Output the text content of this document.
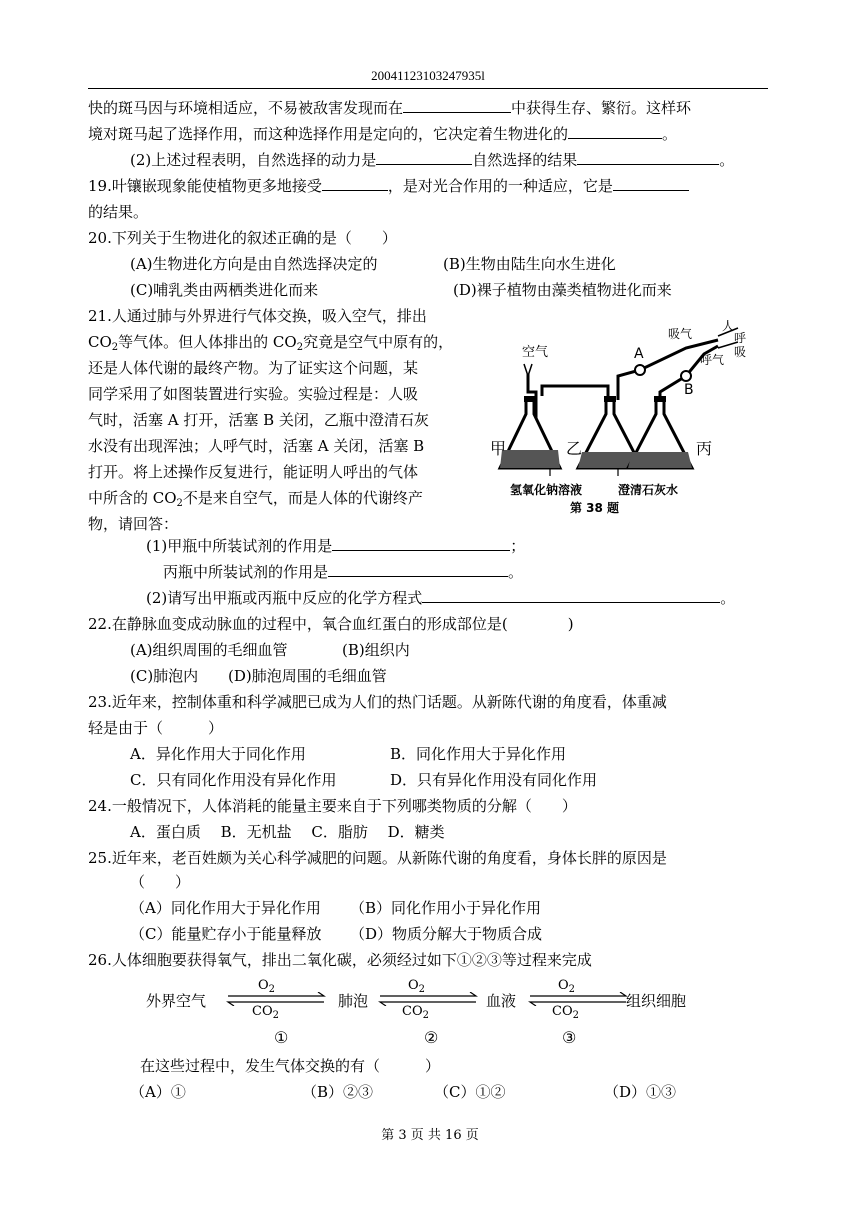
20041123103247935l
快的斑马因与环境相适应，不易被敌害发现而在	中获得生存、繁衍。这样环
境对斑马起了选择作用，而这种选择作用是定向的，它决定着生物进化的	。
(2)上述过程表明，自然选择的动力是	自然选择的结果	。
19.叶镶嵌现象能使植物更多地接受	，是对光合作用的一种适应，它是
的结果。
20.下列关于生物进化的叙述正确的是（　　）
(A)生物进化方向是由自然选择决定的	(B)生物由陆生向水生进化
(C)哺乳类由两栖类进化而来	(D)裸子植物由藻类植物进化而来
21.人通过肺与外界进行气体交换，吸入空气，排出
$CO_2$等气体。但人体排出的 $CO_2$究竟是空气中原有的，
还是人体代谢的最终产物。为了证实这个问题，某
同学采用了如图装置进行实验。实验过程是：人吸
气时，活塞 A 打开，活塞 B 关闭，乙瓶中澄清石灰
水没有出现浑浊；人呼气时，活塞 A 关闭，活塞 B
打开。将上述操作反复进行，能证明人呼出的气体
中所含的 $CO_2$不是来自空气，而是人体的代谢终产
物，请回答：
空气
吸气
人
呼
吸
呼气
A
B
甲	乙	丙
氢氧化钠溶液	澄清石灰水
第 38 题
(1)甲瓶中所装试剂的作用是	；
丙瓶中所装试剂的作用是	。
(2)请写出甲瓶或丙瓶中反应的化学方程式	。
22.在静脉血变成动脉血的过程中，氧合血红蛋白的形成部位是(　　　　)
(A)组织周围的毛细血管	(B)组织内
(C)肺泡内 (D)肺泡周围的毛细血管
23.近年来，控制体重和科学减肥已成为人们的热门话题。从新陈代谢的角度看，体重减
轻是由于（　　　）
A．异化作用大于同化作用	B．同化作用大于异化作用
C．只有同化作用没有异化作用	D．只有异化作用没有同化作用
24.一般情况下，人体消耗的能量主要来自于下列哪类物质的分解（　　）
A．蛋白质　 B．无机盐　 C．脂肪　 D．糖类
25.近年来，老百姓颇为关心科学减肥的问题。从新陈代谢的角度看，身体长胖的原因是
（　　）
（A）同化作用大于异化作用 （B）同化作用小于异化作用
（C）能量贮存小于能量释放 （D）物质分解大于物质合成
26.人体细胞要获得氧气，排出二氧化碳，必须经过如下①②③等过程来完成
外界空气
$O_2$
$CO_2$
肺泡
$O_2$
$CO_2$
血液
$O_2$
$CO_2$
组织细胞
①	②	③
在这些过程中，发生气体交换的有（　　　）
（A）①	（B）②③	（C）①②	（D）①③
第 3 页 共 16 页
